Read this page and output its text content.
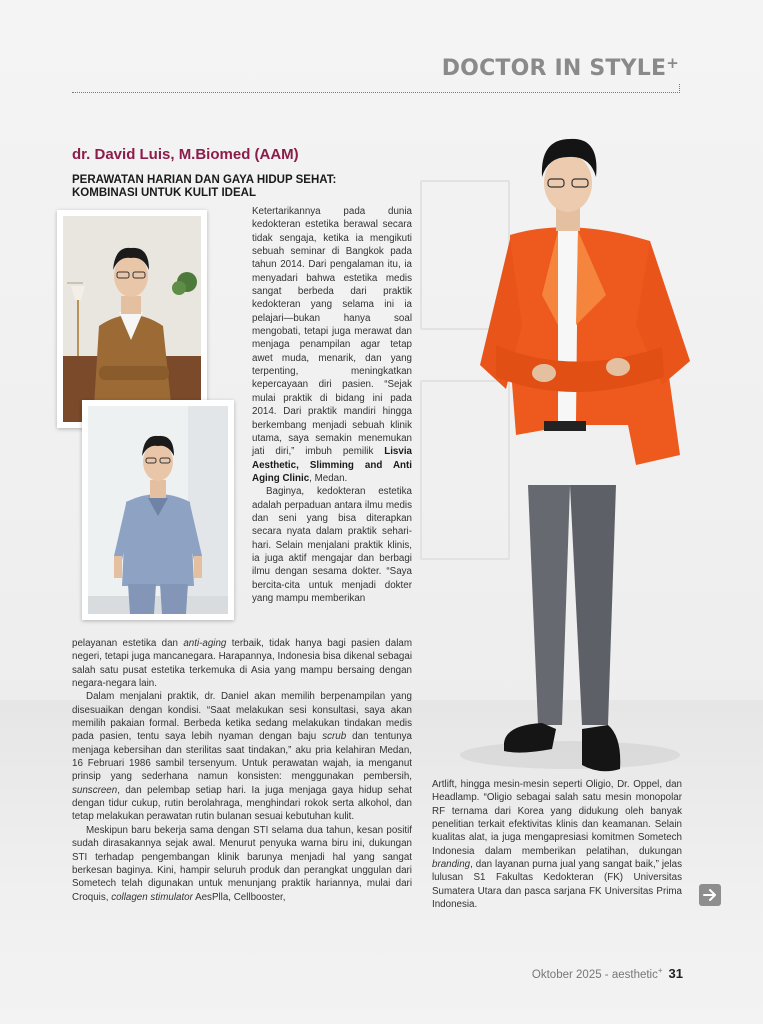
DOCTOR IN STYLE+
dr. David Luis, M.Biomed (AAM)
PERAWATAN HARIAN DAN GAYA HIDUP SEHAT:
KOMBINASI UNTUK KULIT IDEAL

Ketertarikannya pada dunia kedokteran estetika berawal secara tidak sengaja, ketika ia mengikuti sebuah seminar di Bangkok pada tahun 2014. Dari pengalaman itu, ia menyadari bahwa estetika medis sangat berbeda dari praktik kedokteran yang selama ini ia pelajari—bukan hanya soal mengobati, tetapi juga merawat dan menjaga penampilan agar tetap awet muda, menarik, dan yang terpenting, meningkatkan kepercayaan diri pasien. “Sejak mulai praktik di bidang ini pada 2014. Dari praktik mandiri hingga berkembang menjadi sebuah klinik utama, saya semakin menemukan jati diri,” imbuh pemilik Lisvia Aesthetic, Slimming and Anti Aging Clinic, Medan.

Baginya, kedokteran estetika adalah perpaduan antara ilmu medis dan seni yang bisa diterapkan secara nyata dalam praktik sehari-hari. Selain menjalani praktik klinis, ia juga aktif mengajar dan berbagi ilmu dengan sesama dokter. “Saya bercita-cita untuk menjadi dokter yang mampu memberikan

pelayanan estetika dan anti-aging terbaik, tidak hanya bagi pasien dalam negeri, tetapi juga mancanegara. Harapannya, Indonesia bisa dikenal sebagai salah satu pusat estetika terkemuka di Asia yang mampu bersaing dengan negara-negara lain.

Dalam menjalani praktik, dr. Daniel akan memilih berpenampilan yang disesuaikan dengan kondisi. “Saat melakukan sesi konsultasi, saya akan memilih pakaian formal. Berbeda ketika sedang melakukan tindakan medis pada pasien, tentu saya lebih nyaman dengan baju scrub dan tentunya menjaga kebersihan dan sterilitas saat tindakan,” aku pria kelahiran Medan, 16 Februari 1986 sambil tersenyum. Untuk perawatan wajah, ia menganut prinsip yang sederhana namun konsisten: menggunakan pembersih, sunscreen, dan pelembap setiap hari. Ia juga menjaga gaya hidup sehat dengan tidur cukup, rutin berolahraga, menghindari rokok serta alkohol, dan tetap melakukan perawatan rutin bulanan sesuai kebutuhan kulit.

Meskipun baru bekerja sama dengan STI selama dua tahun, kesan positif sudah dirasakannya sejak awal. Menurut penyuka warna biru ini, dukungan STI terhadap pengembangan klinik barunya menjadi hal yang sangat berkesan baginya. Kini, hampir seluruh produk dan perangkat unggulan dari Sometech telah digunakan untuk menunjang praktik hariannya, mulai dari Croquis, collagen stimulator AesPlla, Cellbooster,

Artlift, hingga mesin-mesin seperti Oligio, Dr. Oppel, dan Headlamp. “Oligio sebagai salah satu mesin monopolar RF ternama dari Korea yang didukung oleh banyak penelitian terkait efektivitas klinis dan keamanan. Selain kualitas alat, ia juga mengapresiasi komitmen Sometech Indonesia dalam memberikan pelatihan, dukungan branding, dan layanan purna jual yang sangat baik,” jelas lulusan S1 Fakultas Kedokteran (FK) Universitas Sumatera Utara dan pasca sarjana FK Universitas Prima Indonesia.

Oktober 2025 - aesthetic+ 31
